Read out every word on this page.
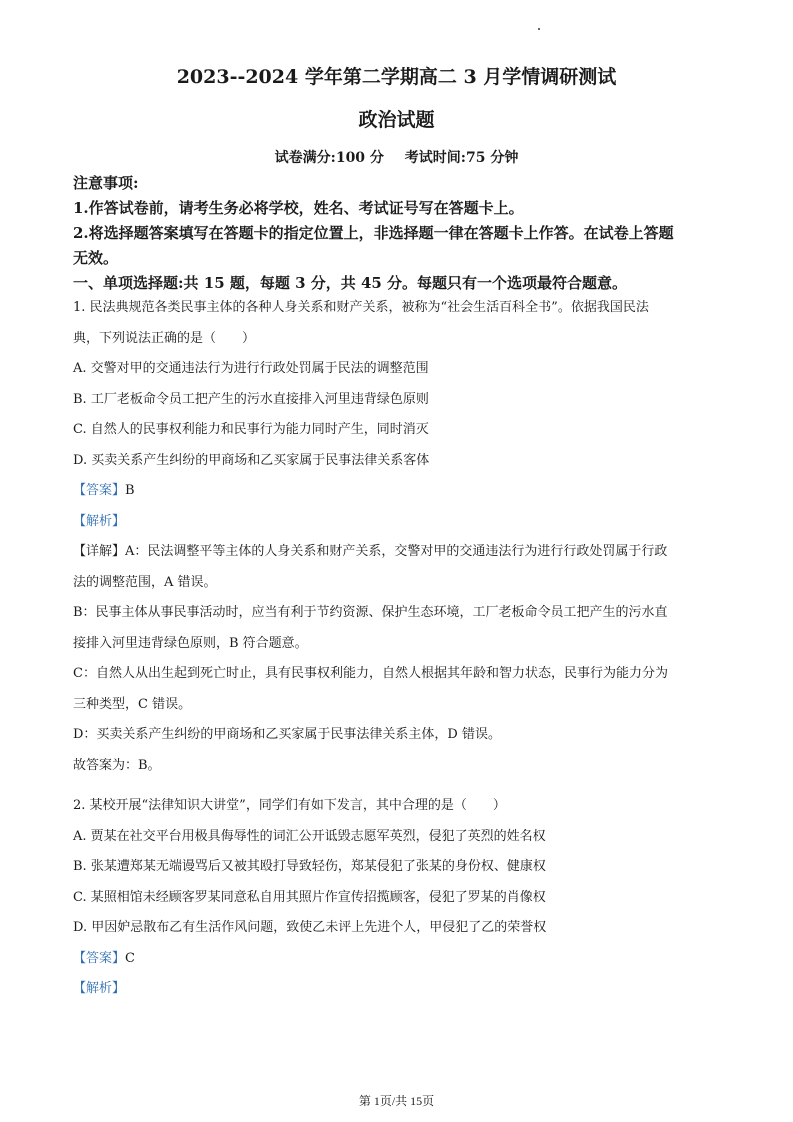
2023--2024 学年第二学期高二 3 月学情调研测试
政治试题
试卷满分:100 分 考试时间:75 分钟

注意事项:

1.作答试卷前，请考生务必将学校，姓名、考试证号写在答题卡上。

2.将选择题答案填写在答题卡的指定位置上，非选择题一律在答题卡上作答。在试卷上答题

无效。

一、单项选择题:共 15 题，每题 3 分，共 45 分。每题只有一个选项最符合题意。

1. 民法典规范各类民事主体的各种人身关系和财产关系，被称为“社会生活百科全书”。依据我国民法

典，下列说法正确的是（　　）

A. 交警对甲的交通违法行为进行行政处罚属于民法的调整范围

B. 工厂老板命令员工把产生的污水直接排入河里违背绿色原则

C. 自然人的民事权利能力和民事行为能力同时产生，同时消灭

D. 买卖关系产生纠纷的甲商场和乙买家属于民事法律关系客体

【答案】B

【解析】

【详解】A：民法调整平等主体的人身关系和财产关系，交警对甲的交通违法行为进行行政处罚属于行政

法的调整范围，A 错误。

B：民事主体从事民事活动时，应当有利于节约资源、保护生态环境，工厂老板命令员工把产生的污水直

接排入河里违背绿色原则，B 符合题意。

C：自然人从出生起到死亡时止，具有民事权利能力，自然人根据其年龄和智力状态，民事行为能力分为

三种类型，C 错误。

D：买卖关系产生纠纷的甲商场和乙买家属于民事法律关系主体，D 错误。

故答案为：B。

2. 某校开展“法律知识大讲堂”，同学们有如下发言，其中合理的是（　　）

A. 贾某在社交平台用极具侮辱性的词汇公开诋毁志愿军英烈，侵犯了英烈的姓名权

B. 张某遭郑某无端谩骂后又被其殴打导致轻伤，郑某侵犯了张某的身份权、健康权

C. 某照相馆未经顾客罗某同意私自用其照片作宣传招揽顾客，侵犯了罗某的肖像权

D. 甲因妒忌散布乙有生活作风问题，致使乙未评上先进个人，甲侵犯了乙的荣誉权

【答案】C

【解析】

第 1页/共 15页
